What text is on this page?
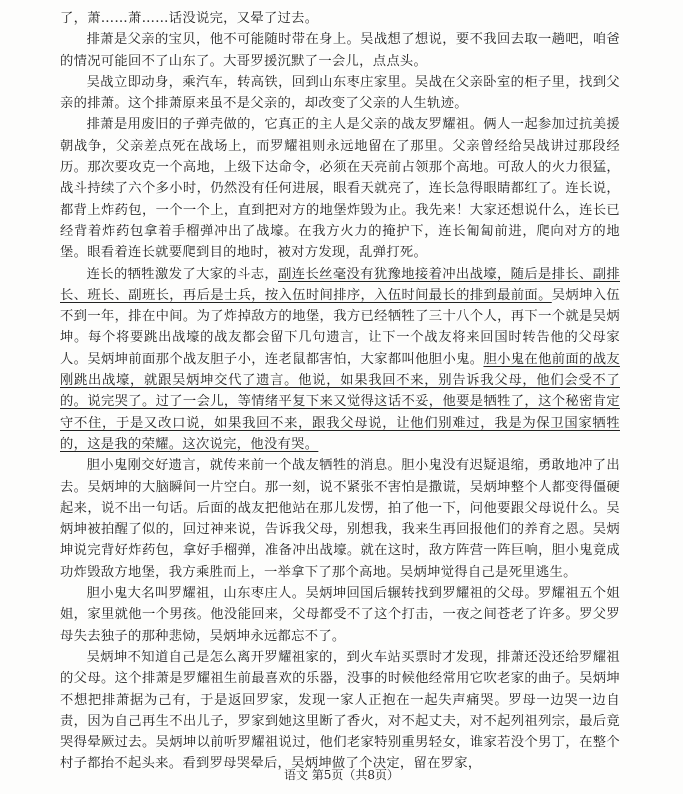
了，萧……萧……话没说完，又晕了过去。

排萧是父亲的宝贝，他不可能随时带在身上。吴战想了想说，要不我回去取一趟吧，咱爸的情况可能回不了山东了。大哥罗援沉默了一会儿，点点头。

吴战立即动身，乘汽车，转高铁，回到山东枣庄家里。吴战在父亲卧室的柜子里，找到父亲的排萧。这个排萧原来虽不是父亲的，却改变了父亲的人生轨迹。

排萧是用废旧的子弹壳做的，它真正的主人是父亲的战友罗耀祖。俩人一起参加过抗美援朝战争，父亲差点死在战场上，而罗耀祖则永远地留在了那里。父亲曾经给吴战讲过那段经历。那次要攻克一个高地，上级下达命令，必须在天亮前占领那个高地。可敌人的火力很猛，战斗持续了六个多小时，仍然没有任何进展，眼看天就亮了，连长急得眼睛都红了。连长说，都背上炸药包，一个一个上，直到把对方的地堡炸毁为止。我先来！大家还想说什么，连长已经背着炸药包拿着手榴弹冲出了战壕。在我方火力的掩护下，连长匍匐前进，爬向对方的地堡。眼看着连长就要爬到目的地时，被对方发现，乱弹打死。

连长的牺牲激发了大家的斗志，副连长丝毫没有犹豫地接着冲出战壕，随后是排长、副排长、班长、副班长，再后是士兵，按入伍时间排序，入伍时间最长的排到最前面。吴炳坤入伍不到一年，排在中间。为了炸掉敌方的地堡，我方已经牺牲了三十八个人，再下一个就是吴炳坤。每个将要跳出战壕的战友都会留下几句遗言，让下一个战友将来回国时转告他的父母家人。吴炳坤前面那个战友胆子小，连老鼠都害怕，大家都叫他胆小鬼。胆小鬼在他前面的战友刚跳出战壕，就跟吴炳坤交代了遗言。他说，如果我回不来，别告诉我父母，他们会受不了的。说完哭了。过了一会儿，等情绪平复下来又觉得这话不妥，他要是牺牲了，这个秘密肯定守不住，于是又改口说，如果我回不来，跟我父母说，让他们别难过，我是为保卫国家牺牲的，这是我的荣耀。这次说完，他没有哭。

胆小鬼刚交好遗言，就传来前一个战友牺牲的消息。胆小鬼没有迟疑退缩，勇敢地冲了出去。吴炳坤的大脑瞬间一片空白。那一刻，说不紧张不害怕是撒谎，吴炳坤整个人都变得僵硬起来，说不出一句话。后面的战友把他站在那儿发愣，拍了他一下，问他要跟父母说什么。吴炳坤被拍醒了似的，回过神来说，告诉我父母，别想我，我来生再回报他们的养育之恩。吴炳坤说完背好炸药包，拿好手榴弹，准备冲出战壕。就在这时，敌方阵营一阵巨响，胆小鬼竟成功炸毁敌方地堡，我方乘胜而上，一举拿下了那个高地。吴炳坤觉得自己是死里逃生。

胆小鬼大名叫罗耀祖，山东枣庄人。吴炳坤回国后辗转找到罗耀祖的父母。罗耀祖五个姐姐，家里就他一个男孩。他没能回来，父母都受不了这个打击，一夜之间苍老了许多。罗父罗母失去独子的那种悲恸，吴炳坤永远都忘不了。

吴炳坤不知道自己是怎么离开罗耀祖家的，到火车站买票时才发现，排萧还没还给罗耀祖的父母。这个排萧是罗耀祖生前最喜欢的乐器，没事的时候他经常用它吹老家的曲子。吴炳坤不想把排萧据为己有，于是返回罗家，发现一家人正抱在一起失声痛哭。罗母一边哭一边自责，因为自己再生不出儿子，罗家到她这里断了香火，对不起丈夫，对不起列祖列宗，最后竟哭得晕厥过去。吴炳坤以前听罗耀祖说过，他们老家特别重男轻女，谁家若没个男丁，在整个村子都抬不起头来。看到罗母哭晕后，吴炳坤做了个决定，留在罗家，

语文 第5页（共8页）
